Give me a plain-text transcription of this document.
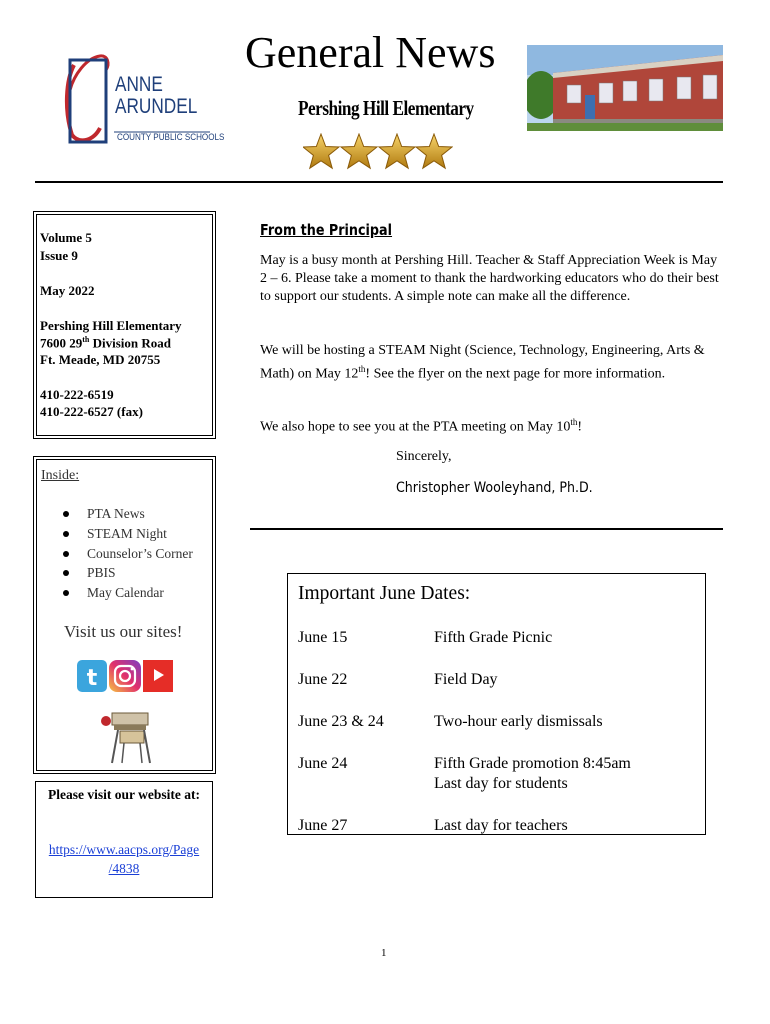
General News
Pershing Hill Elementary
ANNE
ARUNDEL
COUNTY PUBLIC SCHOOLS
Volume 5
Issue 9
May 2022
Pershing Hill Elementary
7600 29th Division Road
Ft. Meade, MD 20755
410-222-6519
410-222-6527 (fax)
Inside:
PTA News
STEAM Night
Counselor’s Corner
PBIS
May Calendar
Visit us our sites!
t
Please visit our website at:
https://www.aacps.org/Page
/4838
From the Principal
May is a busy month at Pershing Hill. Teacher & Staff Appreciation Week is May 2 – 6. Please take a moment to thank the hardworking educators who do their best to support our students. A simple note can make all the difference.
We will be hosting a STEAM Night (Science, Technology, Engineering, Arts & Math) on May 12th! See the flyer on the next page for more information.
We also hope to see you at the PTA meeting on May 10th!
Sincerely,
Christopher Wooleyhand, Ph.D.
Important June Dates:
June 15	Fifth Grade Picnic
June 22	Field Day
June 23 & 24	Two-hour early dismissals
June 24	Fifth Grade promotion 8:45am
Last day for students
June 27	Last day for teachers
1
